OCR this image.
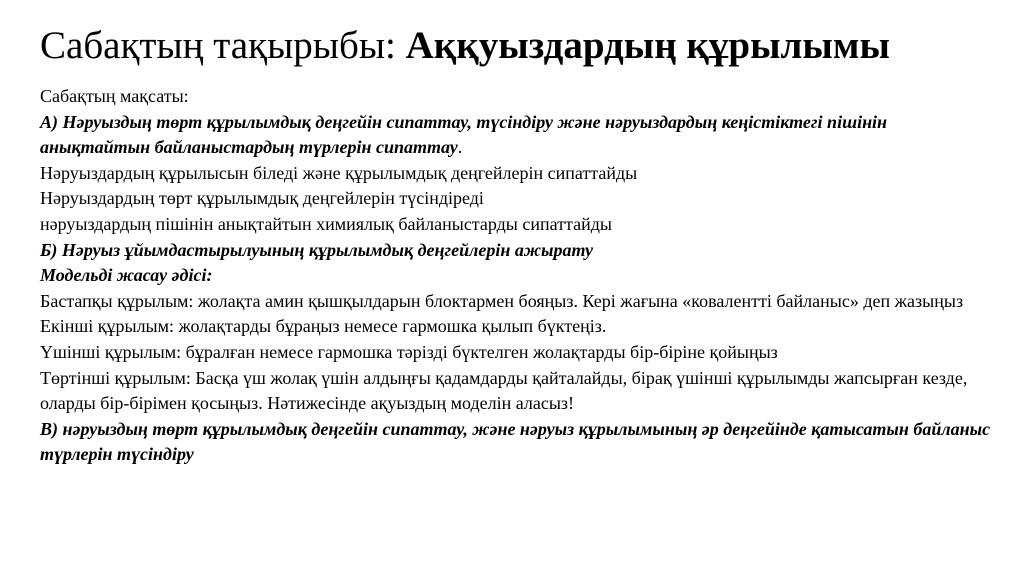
Сабақтың тақырыбы: Аққуыздардың құрылымы

Сабақтың мақсаты:

А) Нәруыздың төрт құрылымдық деңгейін сипаттау, түсіндіру және нәруыздардың кеңістіктегі пішінін анықтайтын байланыстардың түрлерін сипаттау.

Нәруыздардың құрылысын біледі және құрылымдық деңгейлерін сипаттайды

Нәруыздардың төрт құрылымдық деңгейлерін түсіндіреді

нәруыздардың пішінін анықтайтын химиялық байланыстарды сипаттайды

Б) Нәруыз ұйымдастырылуының құрылымдық деңгейлерін ажырату

Модельді жасау әдісі:

Бастапқы құрылым: жолақта амин қышқылдарын блоктармен бояңыз. Кері жағына «коваленттi байланыс» деп жазыңыз

Екінші құрылым: жолақтарды бұраңыз немесе гармошка қылып бүктеңіз.

Үшінші құрылым: бұралған немесе гармошка тәрізді бүктелген жолақтарды бір-біріне қойыңыз

Төртінші құрылым: Басқа үш жолақ үшін алдыңғы қадамдарды қайталайды, бірақ үшінші құрылымды жапсырған кезде, оларды бір-бірімен қосыңыз. Нәтижесінде ақуыздың моделін аласыз!

В) нәруыздың төрт құрылымдық деңгейін сипаттау, және нәруыз құрылымының әр деңгейінде қатысатын байланыс түрлерін түсіндіру
